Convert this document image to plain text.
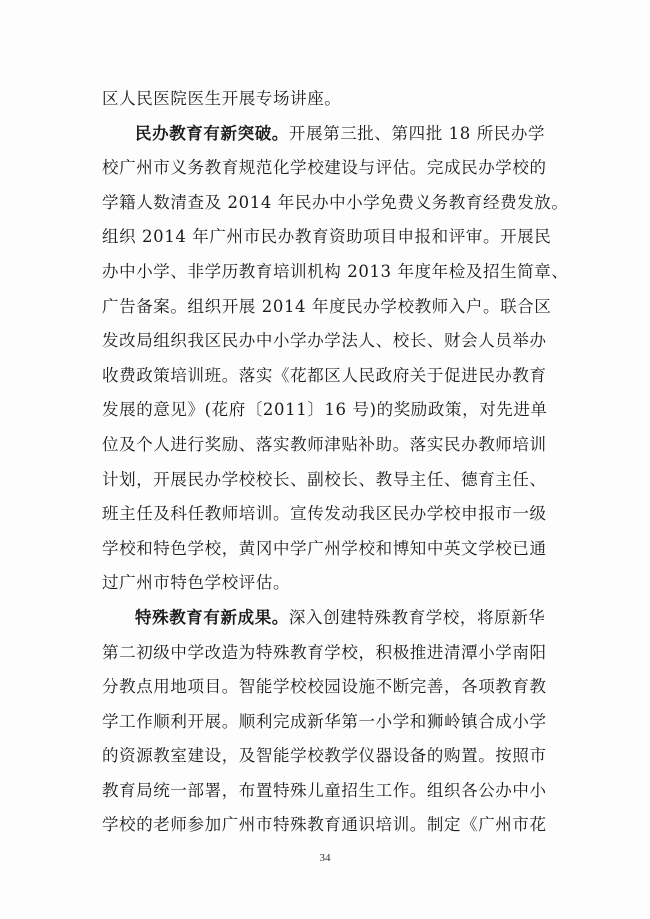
区人民医院医生开展专场讲座。
民办教育有新突破。开展第三批、第四批 18 所民办学
校广州市义务教育规范化学校建设与评估。完成民办学校的
学籍人数清查及 2014 年民办中小学免费义务教育经费发放。
组织 2014 年广州市民办教育资助项目申报和评审。开展民
办中小学、非学历教育培训机构 2013 年度年检及招生简章、
广告备案。组织开展 2014 年度民办学校教师入户。联合区
发改局组织我区民办中小学办学法人、校长、财会人员举办
收费政策培训班。落实《花都区人民政府关于促进民办教育
发展的意见》(花府〔2011〕16 号)的奖励政策，对先进单
位及个人进行奖励、落实教师津贴补助。落实民办教师培训
计划，开展民办学校校长、副校长、教导主任、德育主任、
班主任及科任教师培训。宣传发动我区民办学校申报市一级
学校和特色学校，黄冈中学广州学校和博知中英文学校已通
过广州市特色学校评估。
特殊教育有新成果。深入创建特殊教育学校，将原新华
第二初级中学改造为特殊教育学校，积极推进清潭小学南阳
分教点用地项目。智能学校校园设施不断完善，各项教育教
学工作顺利开展。顺利完成新华第一小学和狮岭镇合成小学
的资源教室建设，及智能学校教学仪器设备的购置。按照市
教育局统一部署，布置特殊儿童招生工作。组织各公办中小
学校的老师参加广州市特殊教育通识培训。制定《广州市花
34
